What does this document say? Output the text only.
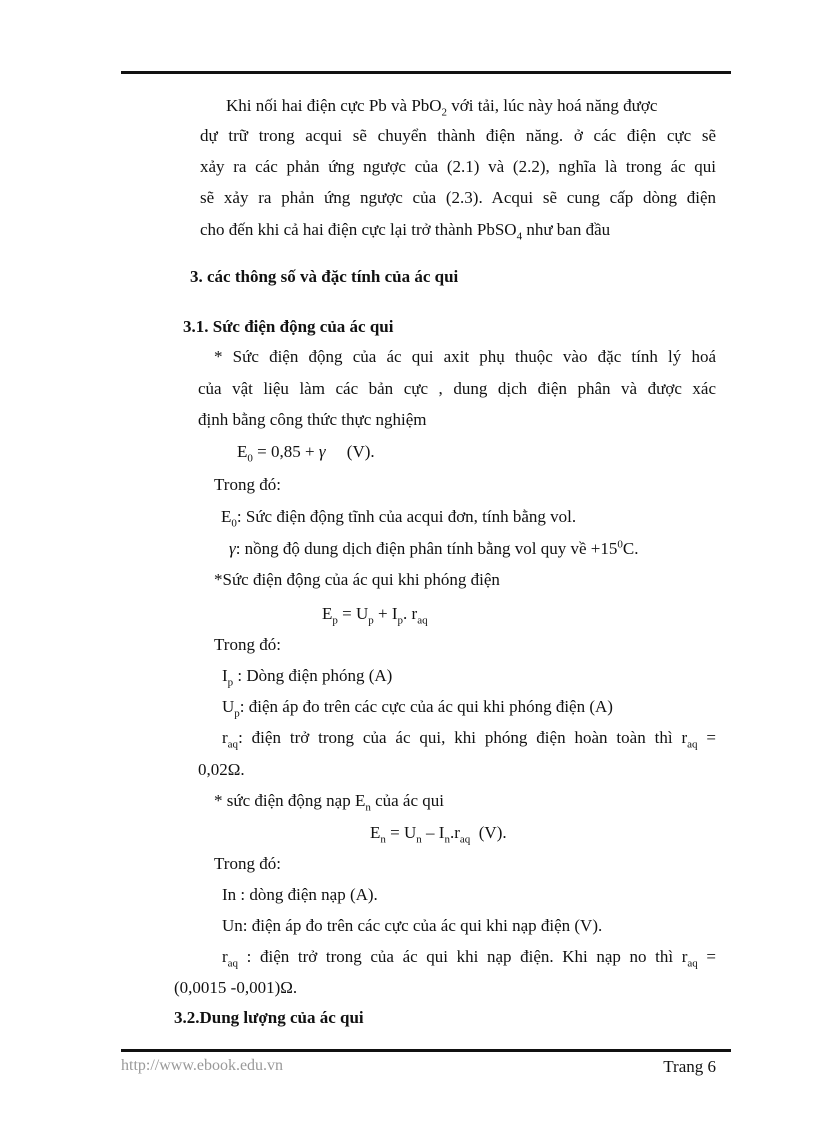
Khi nối hai điện cực Pb và PbO$_2$ với tải, lúc này hoá năng được
dự trữ trong acqui sẽ chuyển thành điện năng. ở các điện cực sẽ
xảy ra các phản ứng ngược của (2.1) và (2.2), nghĩa là trong ác qui
sẽ xảy ra phản ứng ngược của (2.3). Acqui sẽ cung cấp dòng điện
cho đến khi cả hai điện cực lại trở thành PbSO$_4$ như ban đầu
3. các thông số và đặc tính của ác qui
3.1. Sức điện động của ác qui
* Sức điện động của ác qui axit phụ thuộc vào đặc tính lý hoá
của vật liệu làm các bản cực , dung dịch điện phân và được xác
định bằng công thức thực nghiệm
$E_0 = 0,85 + \gamma$     (V).
Trong đó:
$E_0$: Sức điện động tĩnh của acqui đơn, tính bằng vol.
γ: nồng độ dung dịch điện phân tính bằng vol quy về $+15^0C$.
*Sức điện động của ác qui khi phóng điện
$E_p = U_p + I_p$. $r_{aq}$
Trong đó:
$I_p$ : Dòng điện phóng (A)
$U_p$: điện áp đo trên các cực của ác qui khi phóng điện (A)
$r_{aq}$: điện trở trong của ác qui, khi phóng điện hoàn toàn thì $r_{aq}$ =
0,02Ω.
* sức điện động nạp $E_n$ của ác qui
$E_n = U_n - I_n.r_{aq}$  (V).
Trong đó:
In : dòng điện nạp (A).
Un: điện áp đo trên các cực của ác qui khi nạp điện (V).
$r_{aq}$ : điện trở trong của ác qui khi nạp điện. Khi nạp no thì $r_{aq}$ =
(0,0015 -0,001)Ω.
3.2.Dung lượng của ác qui
http://www.ebook.edu.vn	Trang 6
